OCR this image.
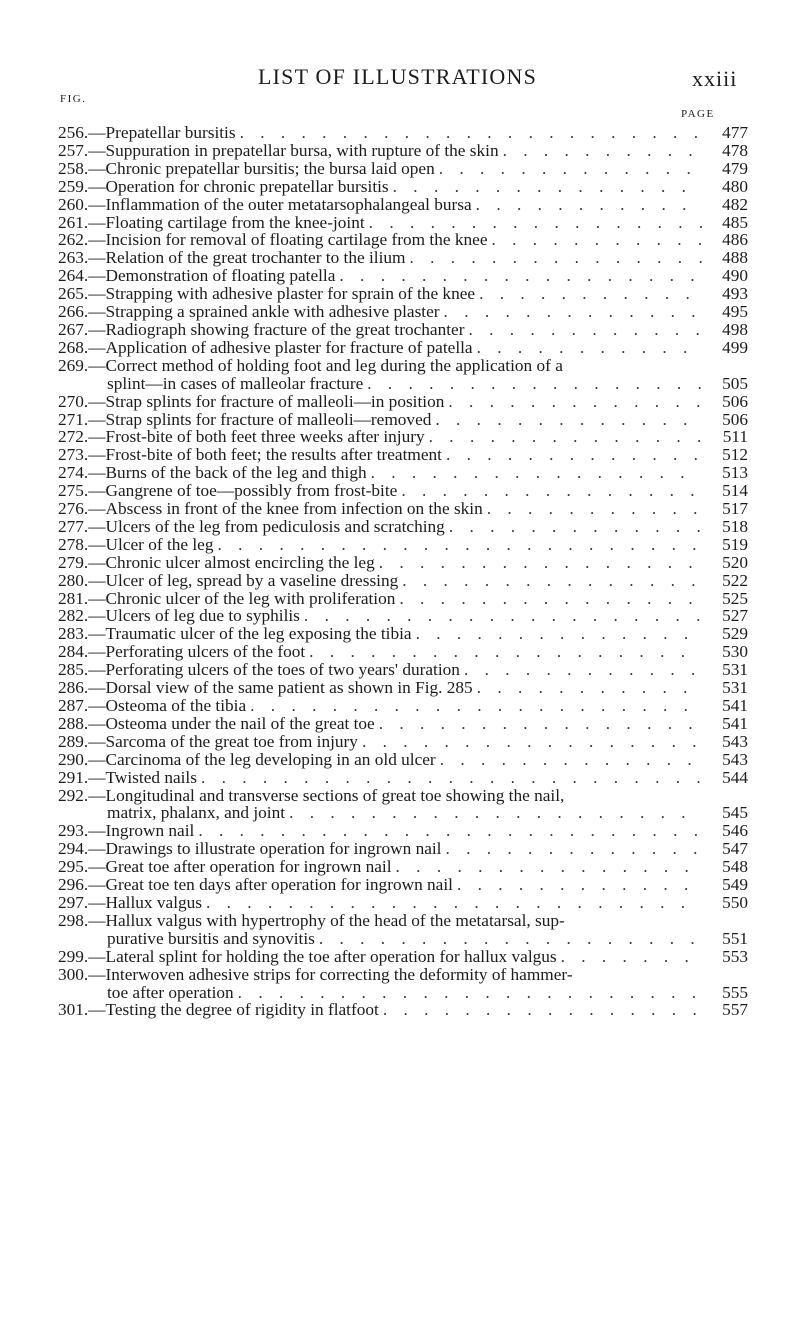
LIST OF ILLUSTRATIONS	xxiii
FIG.
PAGE
256. —Prepatellar bursitis . . .	477
257. —Suppuration in prepatellar bursa, with rupture of the skin . . .	478
258. —Chronic prepatellar bursitis; the bursa laid open . . .	479
259. —Operation for chronic prepatellar bursitis . . .	480
260. —Inflammation of the outer metatarsophalangeal bursa . . .	482
261. —Floating cartilage from the knee-joint . . .	485
262. —Incision for removal of floating cartilage from the knee . . .	486
263. —Relation of the great trochanter to the ilium . . .	488
264. —Demonstration of floating patella . . .	490
265. —Strapping with adhesive plaster for sprain of the knee . . .	493
266. —Strapping a sprained ankle with adhesive plaster . . .	495
267. —Radiograph showing fracture of the great trochanter . . .	498
268. —Application of adhesive plaster for fracture of patella . . .	499
269. —Correct method of holding foot and leg during the application of a
splint—in cases of malleolar fracture . . .	505
270. —Strap splints for fracture of malleoli—in position . . .	506
271. —Strap splints for fracture of malleoli—removed . . .	506
272. —Frost-bite of both feet three weeks after injury . . .	511
273. —Frost-bite of both feet; the results after treatment . . .	512
274. —Burns of the back of the leg and thigh . . .	513
275. —Gangrene of toe—possibly from frost-bite . . .	514
276. —Abscess in front of the knee from infection on the skin . . .	517
277. —Ulcers of the leg from pediculosis and scratching . . .	518
278. —Ulcer of the leg . . .	519
279. —Chronic ulcer almost encircling the leg . . .	520
280. —Ulcer of leg, spread by a vaseline dressing . . .	522
281. —Chronic ulcer of the leg with proliferation . . .	525
282. —Ulcers of leg due to syphilis . . .	527
283. —Traumatic ulcer of the leg exposing the tibia . . .	529
284. —Perforating ulcers of the foot . . .	530
285. —Perforating ulcers of the toes of two years' duration . . .	531
286. —Dorsal view of the same patient as shown in Fig. 285 . . .	531
287. —Osteoma of the tibia . . .	541
288. —Osteoma under the nail of the great toe . . .	541
289. —Sarcoma of the great toe from injury . . .	543
290. —Carcinoma of the leg developing in an old ulcer . . .	543
291. —Twisted nails . . .	544
292. —Longitudinal and transverse sections of great toe showing the nail,
matrix, phalanx, and joint . . .	545
293. —Ingrown nail . . .	546
294. —Drawings to illustrate operation for ingrown nail . . .	547
295. —Great toe after operation for ingrown nail . . .	548
296. —Great toe ten days after operation for ingrown nail . . .	549
297. —Hallux valgus . . .	550
298. —Hallux valgus with hypertrophy of the head of the metatarsal, sup-
purative bursitis and synovitis . . .	551
299. —Lateral splint for holding the toe after operation for hallux valgus . . .	553
300. —Interwoven adhesive strips for correcting the deformity of hammer-
toe after operation . . .	555
301. —Testing the degree of rigidity in flatfoot . . .	557
